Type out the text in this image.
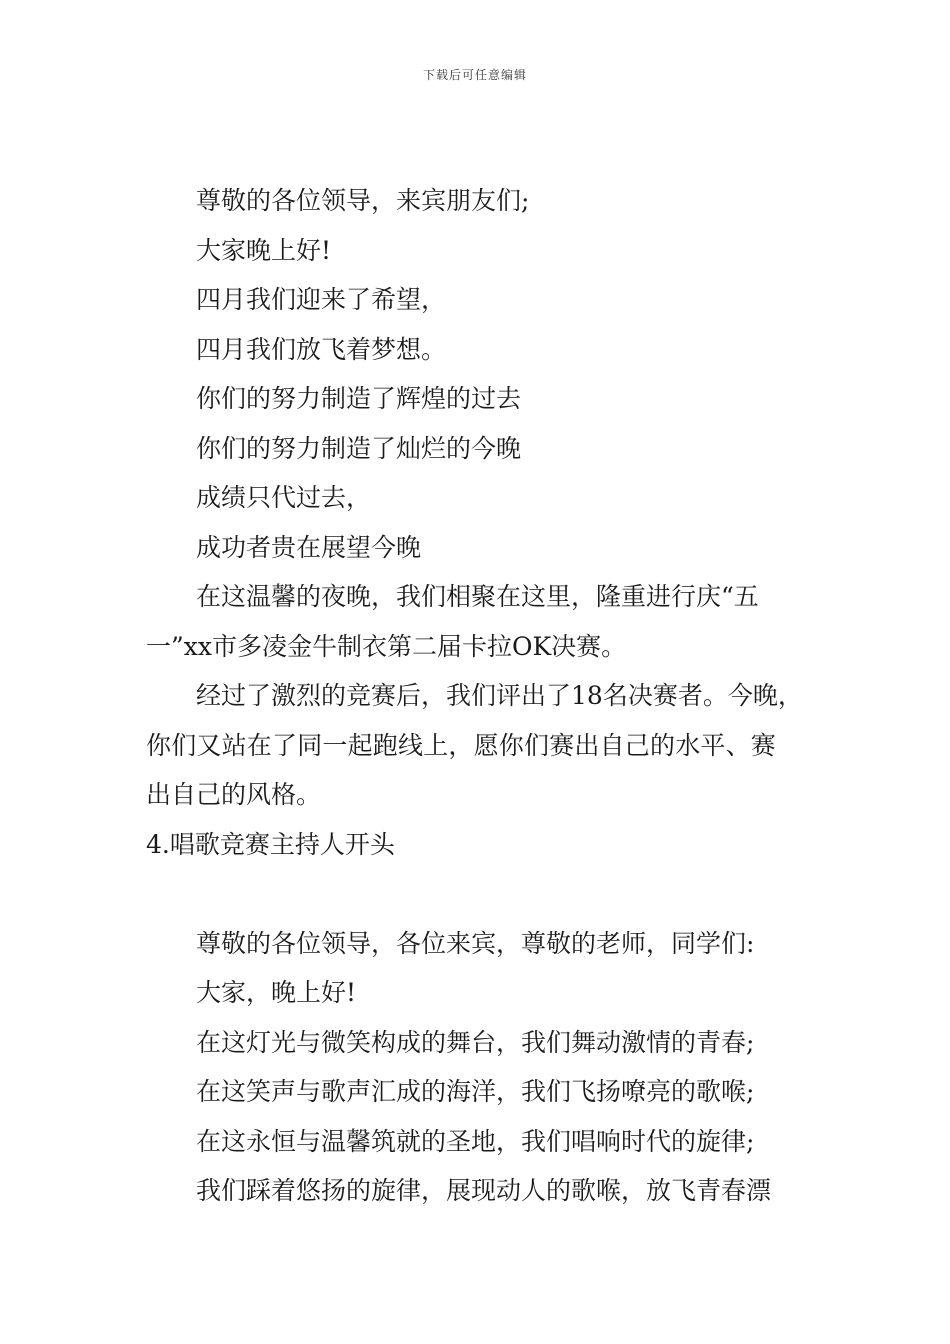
下载后可任意编辑
尊敬的各位领导，来宾朋友们;
大家晚上好!
四月我们迎来了希望，
四月我们放飞着梦想。
你们的努力制造了辉煌的过去
你们的努力制造了灿烂的今晚
成绩只代过去，
成功者贵在展望今晚
在这温馨的夜晚，我们相聚在这里，隆重进行庆“五
一”xx市多凌金牛制衣第二届卡拉OK决赛。
经过了激烈的竞赛后，我们评出了18名决赛者。今晚，
你们又站在了同一起跑线上，愿你们赛出自己的水平、赛
出自己的风格。
4.唱歌竞赛主持人开头
尊敬的各位领导，各位来宾，尊敬的老师，同学们:
大家，晚上好!
在这灯光与微笑构成的舞台，我们舞动激情的青春;
在这笑声与歌声汇成的海洋，我们飞扬嘹亮的歌喉;
在这永恒与温馨筑就的圣地，我们唱响时代的旋律;
我们踩着悠扬的旋律，展现动人的歌喉，放飞青春漂
